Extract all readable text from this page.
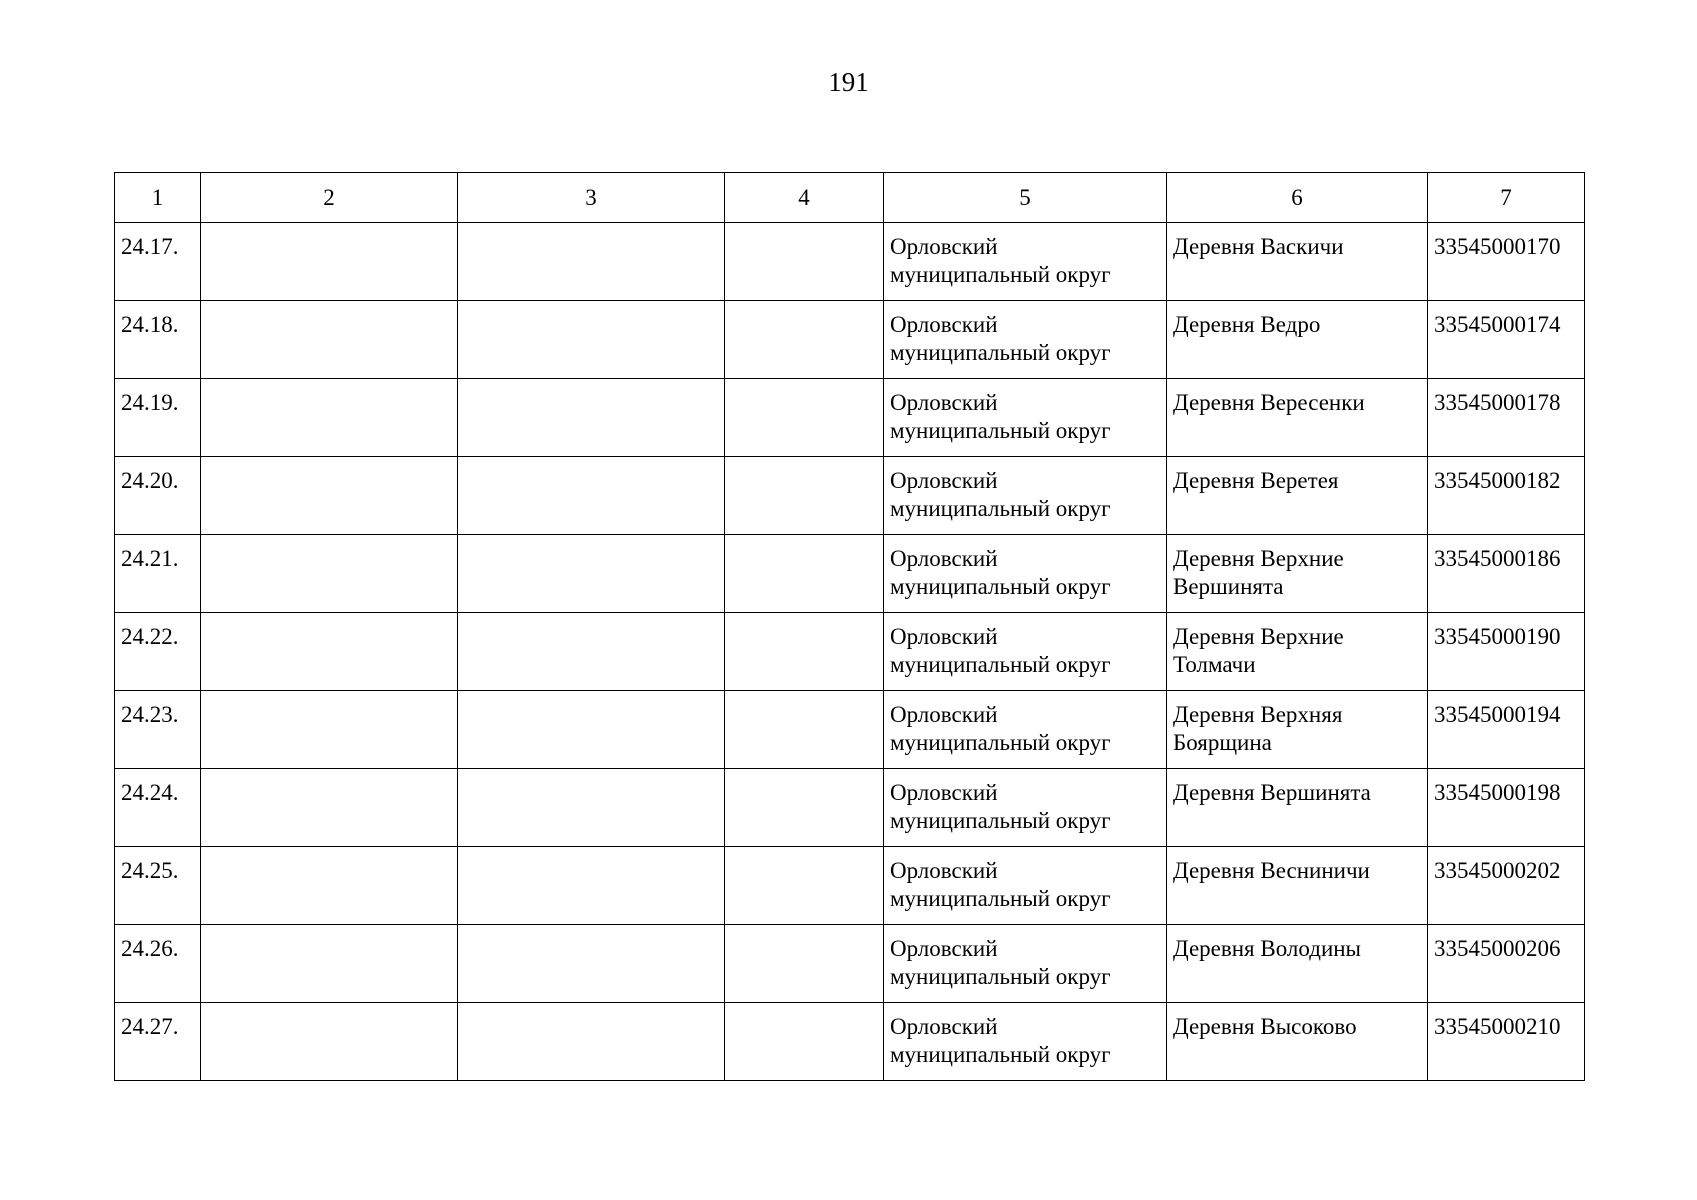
191
1	2	3	4	5	6	7
24.17.				Орловский муниципальный округ	Деревня Васкичи	33545000170
24.18.				Орловский муниципальный округ	Деревня Ведро	33545000174
24.19.				Орловский муниципальный округ	Деревня Вересенки	33545000178
24.20.				Орловский муниципальный округ	Деревня Веретея	33545000182
24.21.				Орловский муниципальный округ	Деревня Верхние Вершинята	33545000186
24.22.				Орловский муниципальный округ	Деревня Верхние Толмачи	33545000190
24.23.				Орловский муниципальный округ	Деревня Верхняя Боярщина	33545000194
24.24.				Орловский муниципальный округ	Деревня Вершинята	33545000198
24.25.				Орловский муниципальный округ	Деревня Весниничи	33545000202
24.26.				Орловский муниципальный округ	Деревня Володины	33545000206
24.27.				Орловский муниципальный округ	Деревня Высоково	33545000210
